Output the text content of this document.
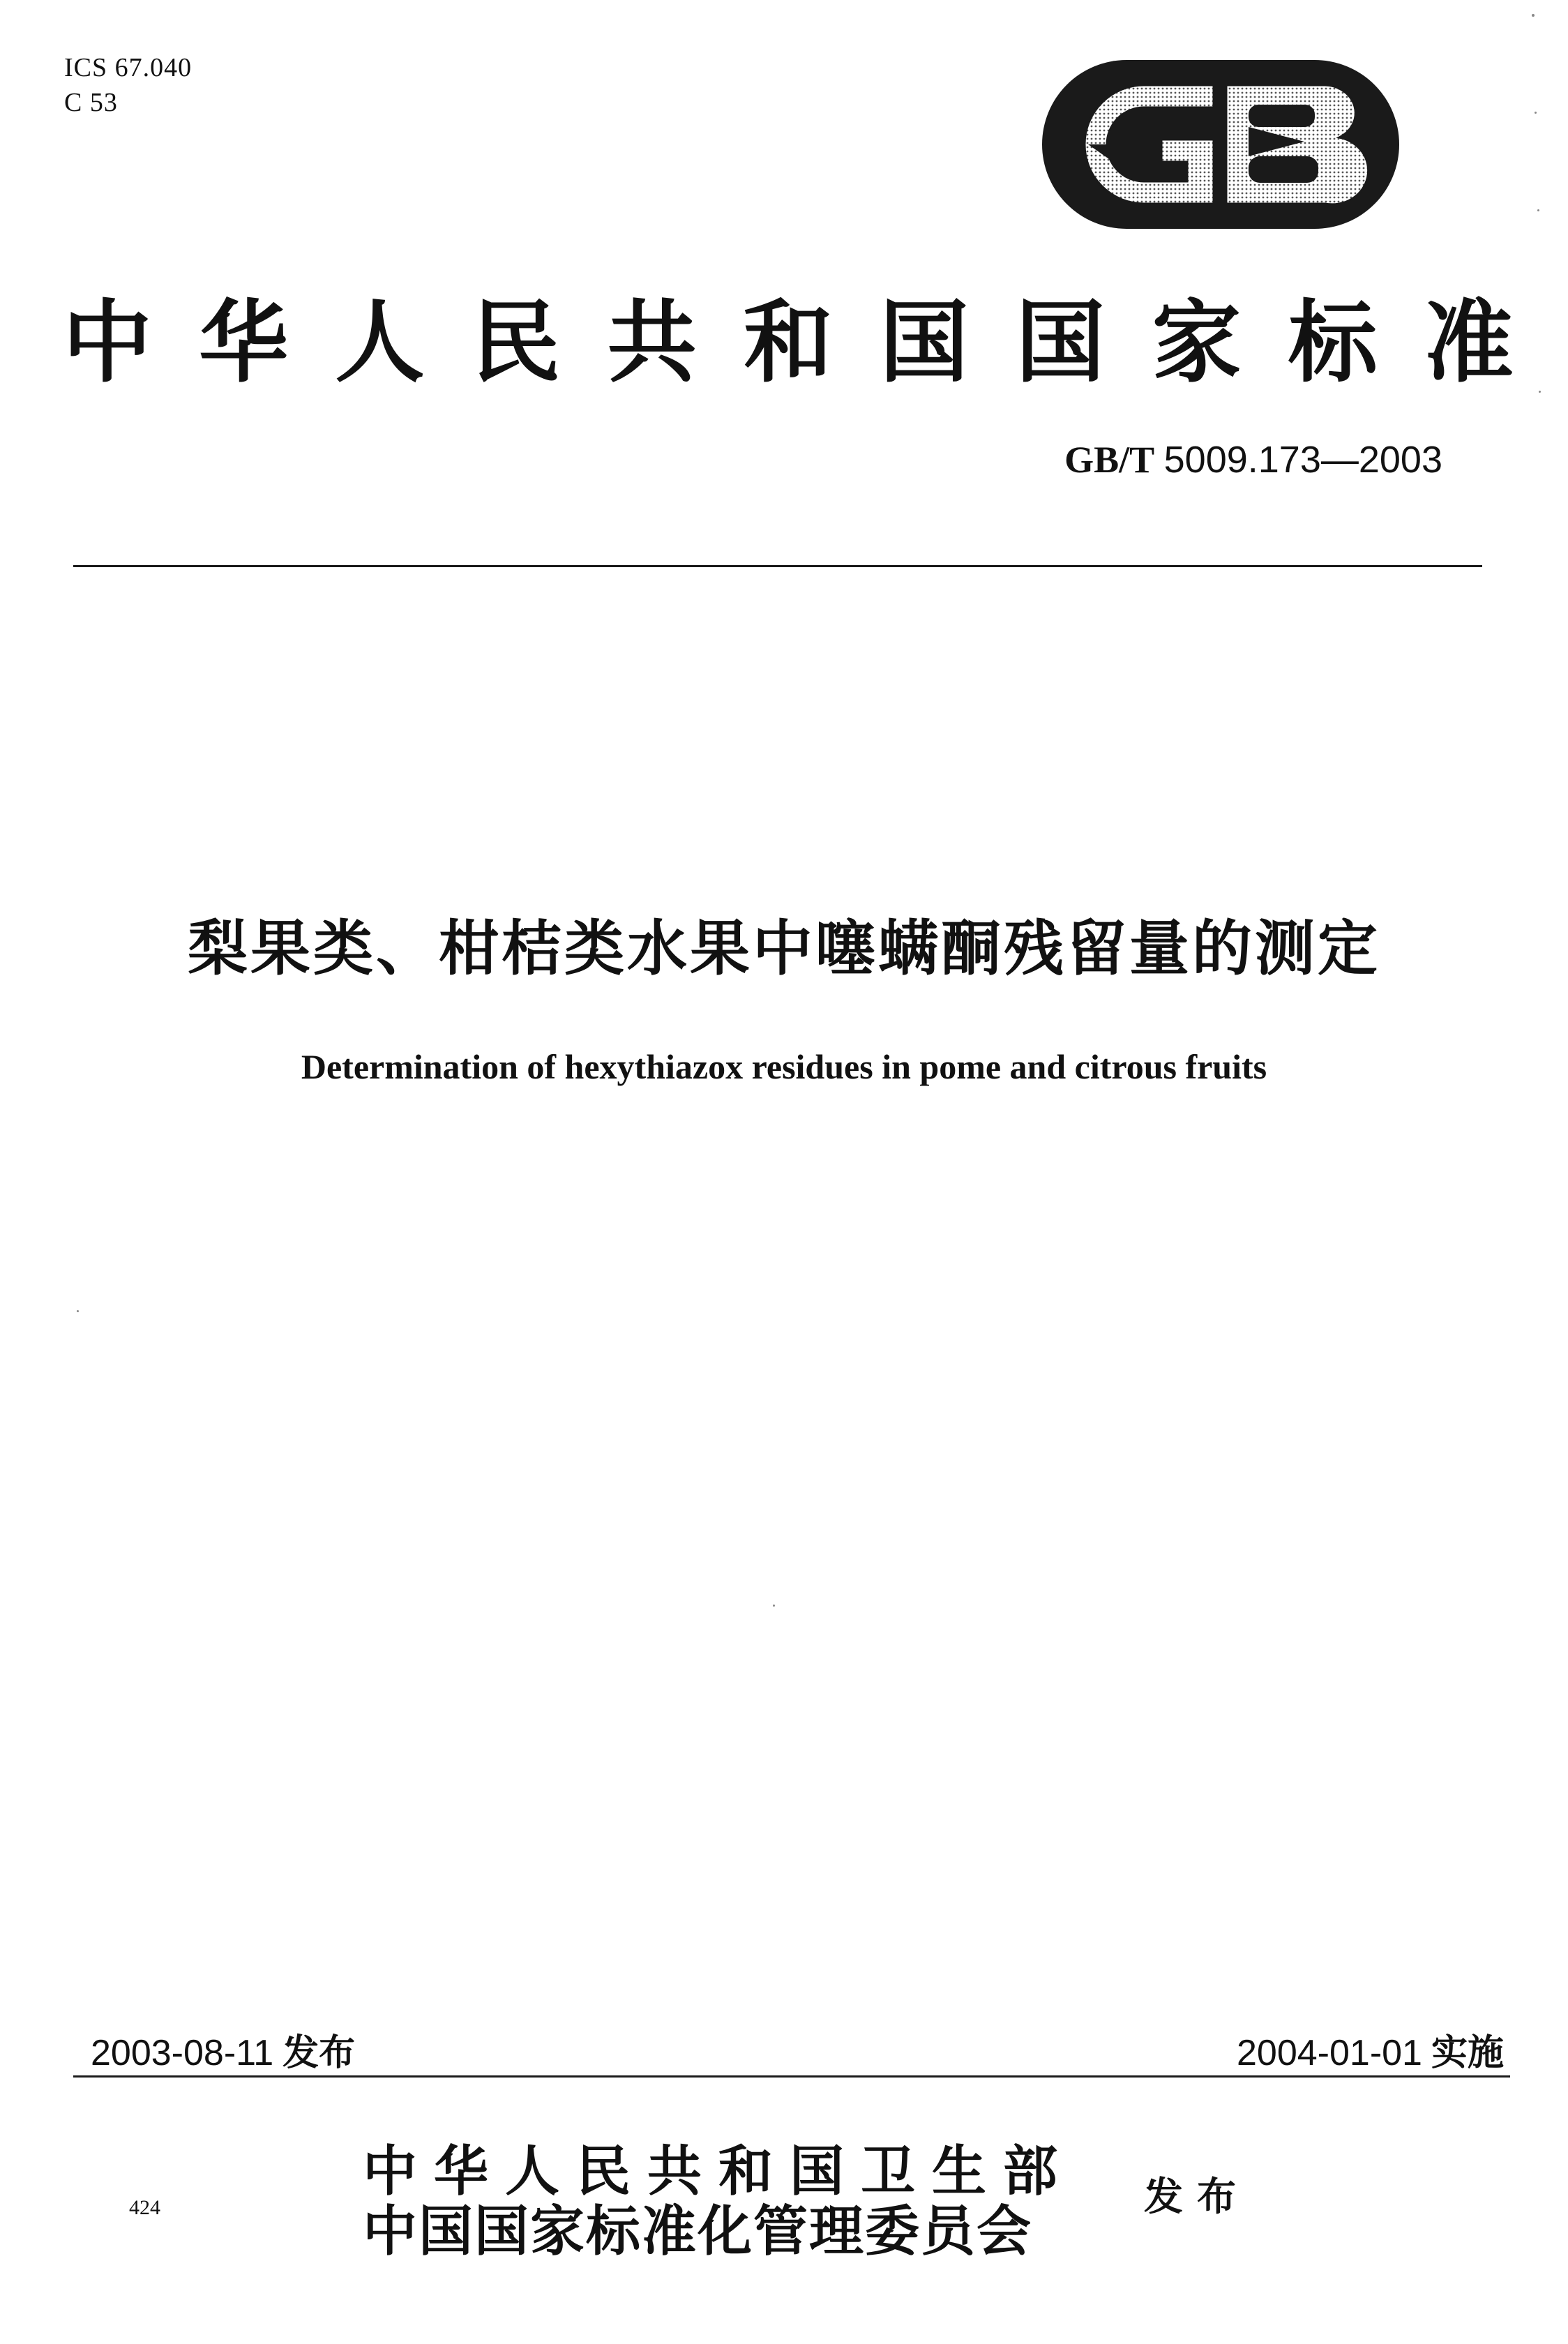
ICS 67.040
C 53
中 华 人 民 共 和 国 国 家 标 准
GB/T 5009.173—2003
梨果类、柑桔类水果中噻螨酮残留量的测定
Determination of hexythiazox residues in pome and citrous fruits
2003-08-11 发布	2004-01-01 实施
中华人民共和国卫生部
中国国家标准化管理委员会
发布
424
